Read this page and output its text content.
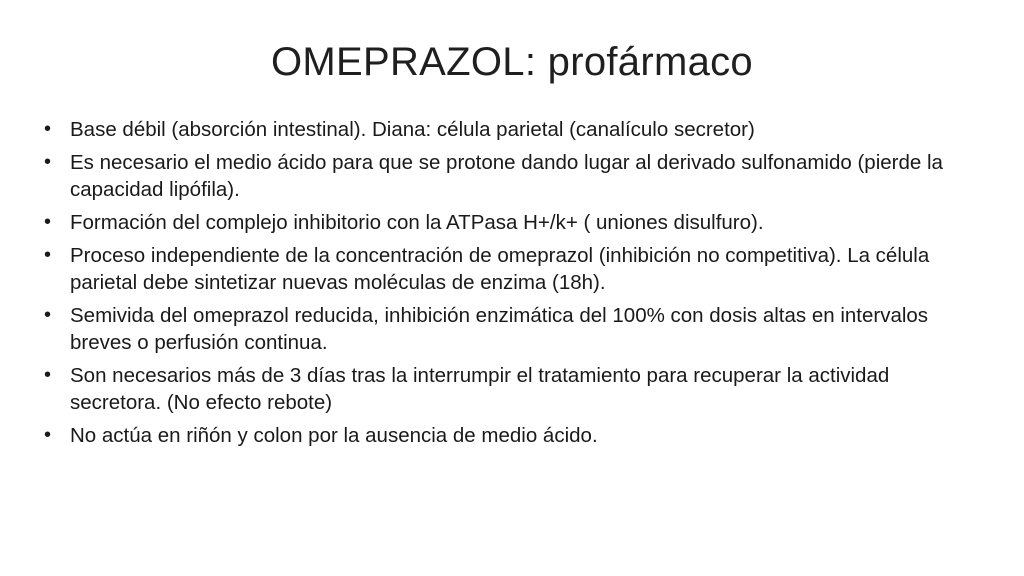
OMEPRAZOL: profármaco
• Base débil (absorción intestinal). Diana: célula parietal (canalículo secretor)
• Es necesario el medio ácido para que se protone dando lugar al derivado sulfonamido (pierde la capacidad lipófila).
• Formación del complejo inhibitorio con la ATPasa H+/k+ ( uniones disulfuro).
• Proceso independiente de la concentración de omeprazol (inhibición no competitiva). La célula parietal debe sintetizar nuevas moléculas de enzima (18h).
• Semivida del omeprazol reducida, inhibición enzimática del 100% con dosis altas en intervalos breves o perfusión continua.
• Son necesarios más de 3 días tras la interrumpir el tratamiento para recuperar la actividad secretora. (No efecto rebote)
• No actúa en riñón y colon por la ausencia de medio ácido.
